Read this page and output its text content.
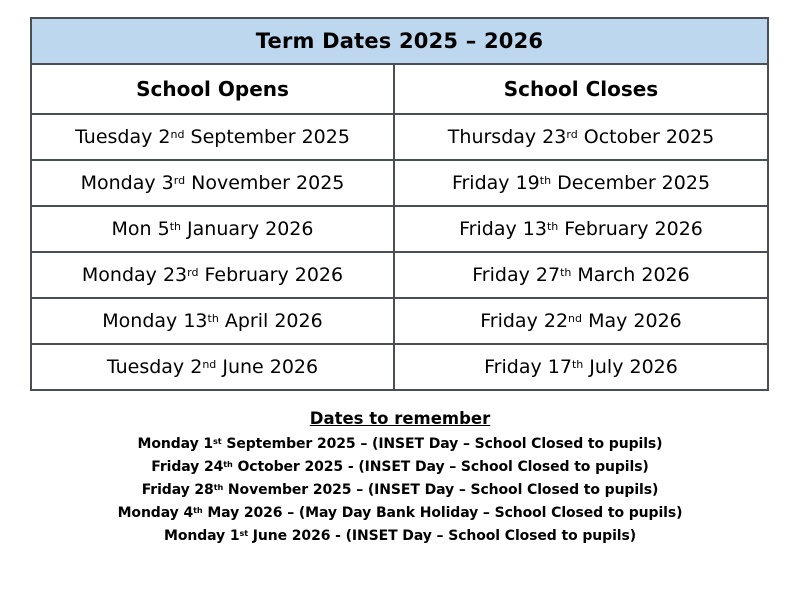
Term Dates 2025 – 2026
School Opens	School Closes
Tuesday 2nd September 2025	Thursday 23rd October 2025
Monday 3rd November 2025	Friday 19th December 2025
Mon 5th January 2026	Friday 13th February 2026
Monday 23rd February 2026	Friday 27th March 2026
Monday 13th April 2026	Friday 22nd May 2026
Tuesday 2nd June 2026	Friday 17th July 2026
Dates to remember
Monday 1st September 2025 – (INSET Day – School Closed to pupils)
Friday 24th October 2025 - (INSET Day – School Closed to pupils)
Friday 28th November 2025 – (INSET Day – School Closed to pupils)
Monday 4th May 2026 – (May Day Bank Holiday – School Closed to pupils)
Monday 1st June 2026 - (INSET Day – School Closed to pupils)
